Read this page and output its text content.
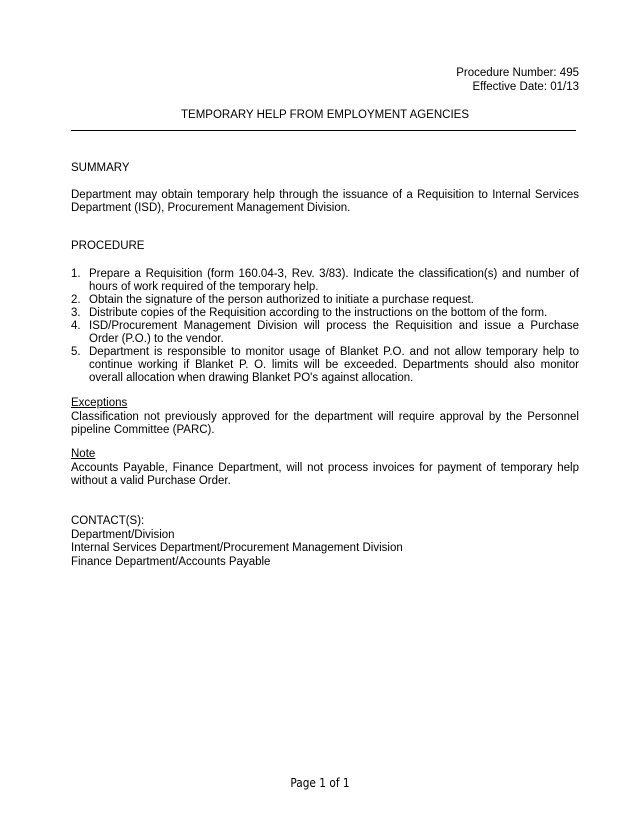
Procedure Number: 495
Effective Date: 01/13
TEMPORARY HELP FROM EMPLOYMENT AGENCIES
SUMMARY
Department may obtain temporary help through the issuance of a Requisition to Internal Services Department (ISD), Procurement Management Division.
PROCEDURE
1. Prepare a Requisition (form 160.04-3, Rev. 3/83). Indicate the classification(s) and number of hours of work required of the temporary help.
2. Obtain the signature of the person authorized to initiate a purchase request.
3. Distribute copies of the Requisition according to the instructions on the bottom of the form.
4. ISD/Procurement Management Division will process the Requisition and issue a Purchase Order (P.O.) to the vendor.
5. Department is responsible to monitor usage of Blanket P.O. and not allow temporary help to continue working if Blanket P. O. limits will be exceeded. Departments should also monitor overall allocation when drawing Blanket PO's against allocation.
Exceptions
Classification not previously approved for the department will require approval by the Personnel pipeline Committee (PARC).
Note
Accounts Payable, Finance Department, will not process invoices for payment of temporary help without a valid Purchase Order.
CONTACT(S):
Department/Division
Internal Services Department/Procurement Management Division
Finance Department/Accounts Payable
Page 1 of 1
